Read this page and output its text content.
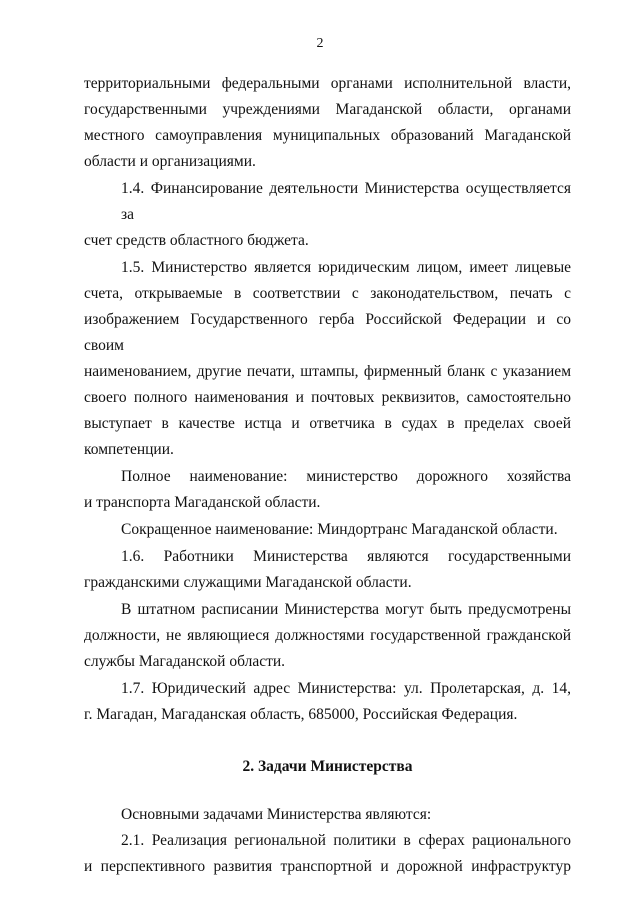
2
территориальными федеральными органами исполнительной власти,
государственными учреждениями Магаданской области, органами
местного самоуправления муниципальных образований Магаданской
области и организациями.
1.4. Финансирование деятельности Министерства осуществляется за
счет средств областного бюджета.
1.5. Министерство является юридическим лицом, имеет лицевые
счета, открываемые в соответствии с законодательством, печать с
изображением Государственного герба Российской Федерации и со своим
наименованием, другие печати, штампы, фирменный бланк с указанием
своего полного наименования и почтовых реквизитов, самостоятельно
выступает в качестве истца и ответчика в судах в пределах своей
компетенции.
Полное наименование: министерство дорожного хозяйства
и транспорта Магаданской области.
Сокращенное наименование: Миндортранс Магаданской области.
1.6. Работники Министерства являются государственными
гражданскими служащими Магаданской области.
В штатном расписании Министерства могут быть предусмотрены
должности, не являющиеся должностями государственной гражданской
службы Магаданской области.
1.7. Юридический адрес Министерства: ул. Пролетарская, д. 14,
г. Магадан, Магаданская область, 685000, Российская Федерация.
2. Задачи Министерства
Основными задачами Министерства являются:
2.1. Реализация региональной политики в сферах рационального
и перспективного развития транспортной и дорожной инфраструктур
